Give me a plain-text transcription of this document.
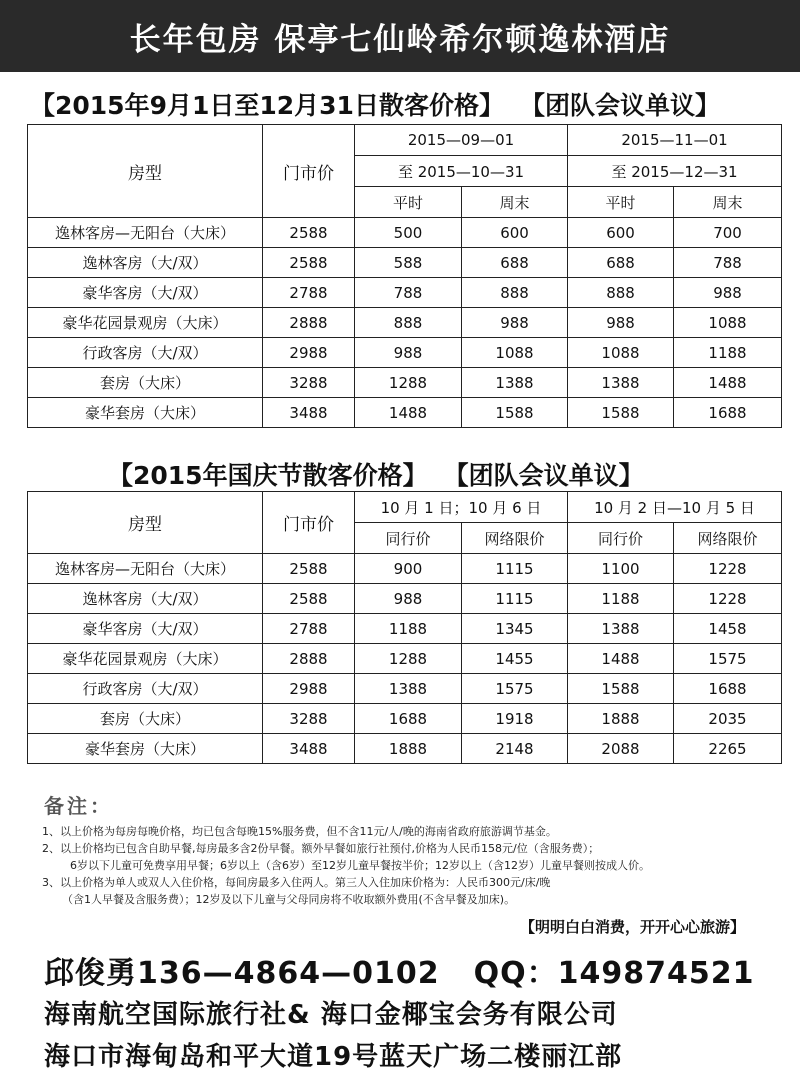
长年包房 保亭七仙岭希尔顿逸林酒店
【2015年9月1日至12月31日散客价格】 【团队会议单议】
房型	门市价	2015—09—01		2015—11—01	
		至 2015—10—31		至 2015—12—31	
		平时	周末	平时	周末
逸林客房—无阳台（大床）	2588	500	600	600	700
逸林客房（大/双）	2588	588	688	688	788
豪华客房（大/双）	2788	788	888	888	988
豪华花园景观房（大床）	2888	888	988	988	1088
行政客房（大/双）	2988	988	1088	1088	1188
套房（大床）	3288	1288	1388	1388	1488
豪华套房（大床）	3488	1488	1588	1588	1688
【2015年国庆节散客价格】 【团队会议单议】
房型	门市价	10 月 1 日；10 月 6 日		10 月 2 日—10 月 5 日	
		同行价	网络限价	同行价	网络限价
逸林客房—无阳台（大床）	2588	900	1115	1100	1228
逸林客房（大/双）	2588	988	1115	1188	1228
豪华客房（大/双）	2788	1188	1345	1388	1458
豪华花园景观房（大床）	2888	1288	1455	1488	1575
行政客房（大/双）	2988	1388	1575	1588	1688
套房（大床）	3288	1688	1918	1888	2035
豪华套房（大床）	3488	1888	2148	2088	2265
备注：
1、以上价格为每房每晚价格，均已包含每晚15%服务费，但不含11元/人/晚的海南省政府旅游调节基金。
2、以上价格均已包含自助早餐,每房最多含2份早餐。额外早餐如旅行社预付,价格为人民币158元/位（含服务费）；
6岁以下儿童可免费享用早餐；6岁以上（含6岁）至12岁儿童早餐按半价；12岁以上（含12岁）儿童早餐则按成人价。
3、以上价格为单人或双人入住价格，每间房最多入住两人。第三人入住加床价格为：人民币300元/床/晚
（含1人早餐及含服务费）；12岁及以下儿童与父母同房将不收取额外费用(不含早餐及加床)。
【明明白白消费，开开心心旅游】
邱俊勇136—4864—0102 QQ：149874521
海南航空国际旅行社& 海口金椰宝会务有限公司
海口市海甸岛和平大道19号蓝天广场二楼丽江部
